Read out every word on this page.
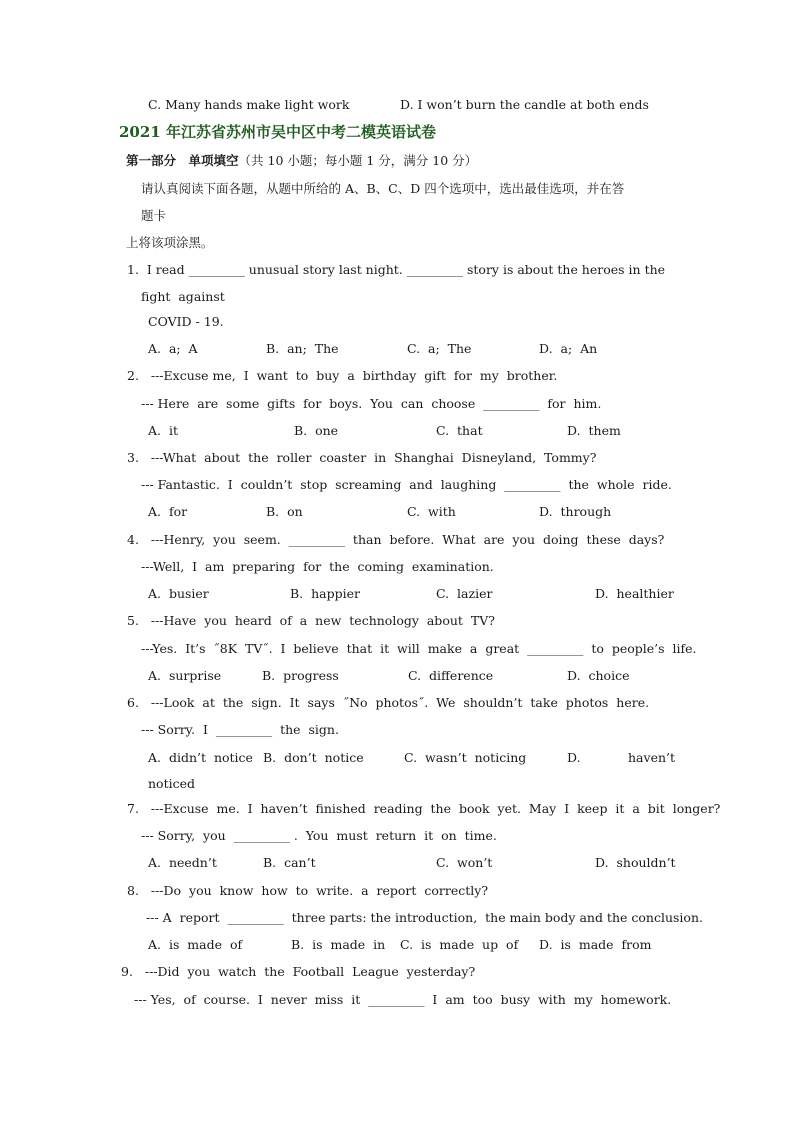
C. Many hands make light work	D. I won’t burn the candle at both ends
2021 年江苏省苏州市吴中区中考二模英语试卷
第一部分　单项填空（共 10 小题；每小题 1 分，满分 10 分）
请认真阅读下面各题，从题中所给的 A、B、C、D 四个选项中，选出最佳选项，并在答
题卡
上将该项涂黑。
1.  I read _________ unusual story last night. _________ story is about the heroes in the
fight  against
COVID - 19.
A.  a;  A	B.  an;  The	C.  a;  The	D.  a;  An
2.   ---Excuse me,  I  want  to  buy  a  birthday  gift  for  my  brother.
--- Here  are  some  gifts  for  boys.  You  can  choose  _________  for  him.
A.  it	B.  one	C.  that	D.  them
3.   ---What  about  the  roller  coaster  in  Shanghai  Disneyland,  Tommy?
--- Fantastic.  I  couldn’t  stop  screaming  and  laughing  _________  the  whole  ride.
A.  for	B.  on	C.  with	D.  through
4.   ---Henry,  you  seem.  _________  than  before.  What  are  you  doing  these  days?
---Well,  I  am  preparing  for  the  coming  examination.
A.  busier	B.  happier	C.  lazier	D.  healthier
5.   ---Have  you  heard  of  a  new  technology  about  TV?
---Yes.  It’s  ˝8K  TV˝.  I  believe  that  it  will  make  a  great  _________  to  people’s  life.
A.  surprise	B.  progress	C.  difference	D.  choice
6.   ---Look  at  the  sign.  It  says  ˝No  photos˝.  We  shouldn’t  take  photos  here.
--- Sorry.  I  _________  the  sign.
A.  didn’t  notice B.  don’t  notice	C.  wasn’t  noticing	D.	haven’t
noticed
7.   ---Excuse  me.  I  haven’t  finished  reading  the  book  yet.  May  I  keep  it  a  bit  longer?
--- Sorry,  you  _________ .  You  must  return  it  on  time.
A.  needn’t	B.  can’t	C.  won’t	D.  shouldn’t
8.   ---Do  you  know  how  to  write.  a  report  correctly?
--- A  report  _________  three parts: the introduction,  the main body and the conclusion.
A.  is  made  of	B.  is  made  in C.  is  made  up  of D.  is  made  from
9.   ---Did  you  watch  the  Football  League  yesterday?
--- Yes,  of  course.  I  never  miss  it  _________  I  am  too  busy  with  my  homework.
